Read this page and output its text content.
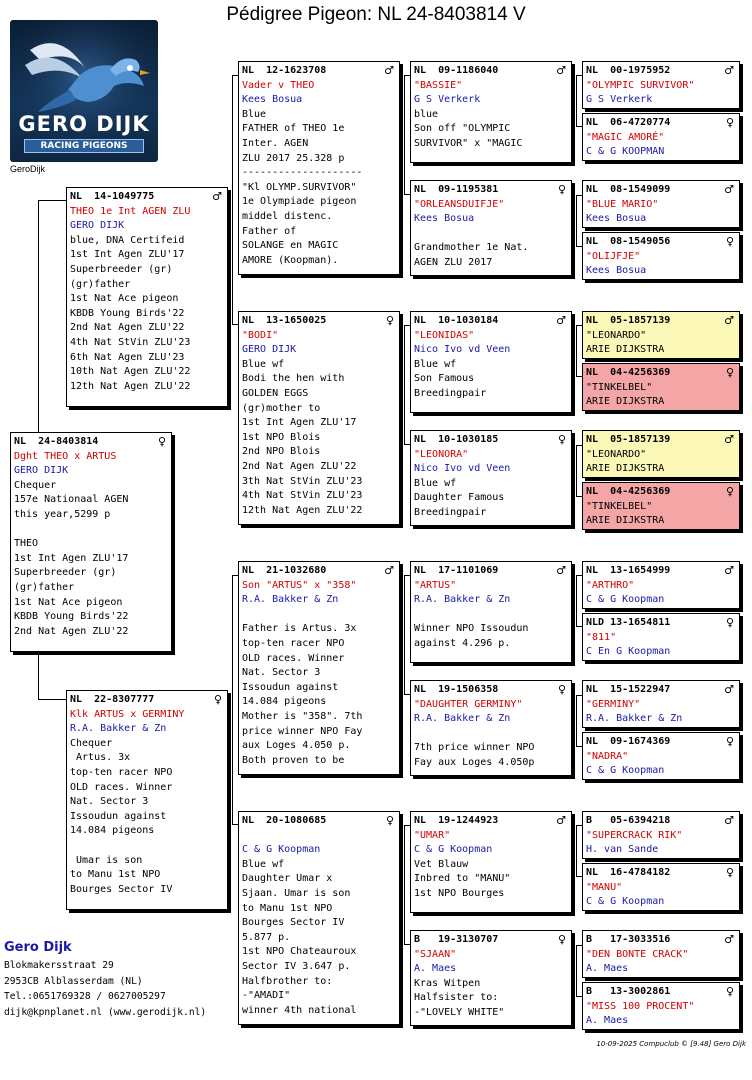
Pédigree Pigeon: NL 24-8403814 V
GERO DIJK
RACING PIGEONS
GeroDijk
NL  24-8403814	♀
Dght THEO x ARTUS
GERO DIJK
Chequer
157e Nationaal AGEN
this year,5299 p
THEO
1st Int Agen ZLU'17
Superbreeder (gr)
(gr)father
1st Nat Ace pigeon
KBDB Young Birds'22
2nd Nat Agen ZLU'22
NL  14-1049775	♂
THEO 1e Int AGEN ZLU
GERO DIJK
blue, DNA Certifeid
1st Int Agen ZLU'17
Superbreeder (gr)
(gr)father
1st Nat Ace pigeon
KBDB Young Birds'22
2nd Nat Agen ZLU'22
4th Nat StVin ZLU'23
6th Nat Agen ZLU'23
10th Nat Agen ZLU'22
12th Nat Agen ZLU'22
NL  22-8307777	♀
Klk ARTUS x GERMINY
R.A. Bakker & Zn
Chequer
Artus. 3x
top-ten racer NPO
OLD races. Winner
Nat. Sector 3
Issoudun against
14.084 pigeons
Umar is son
to Manu 1st NPO
Bourges Sector IV
NL  12-1623708	♂
Vader v THEO
Kees Bosua
Blue
FATHER of THEO 1e
Inter. AGEN
ZLU 2017 25.328 p
--------------------
"Kl OLYMP.SURVIVOR"
1e Olympiade pigeon
middel distenc.
Father of
SOLANGE en MAGIC
AMORE (Koopman).
NL  13-1650025	♀
"BODI"
GERO DIJK
Blue wf
Bodi the hen with
GOLDEN EGGS
(gr)mother to
1st Int Agen ZLU'17
1st NPO Blois
2nd NPO Blois
2nd Nat Agen ZLU'22
3th Nat StVin ZLU'23
4th Nat StVin ZLU'23
12th Nat Agen ZLU'22
NL  21-1032680	♂
Son "ARTUS" x "358"
R.A. Bakker & Zn
Father is Artus. 3x
top-ten racer NPO
OLD races. Winner
Nat. Sector 3
Issoudun against
14.084 pigeons
Mother is "358". 7th
price winner NPO Fay
aux Loges 4.050 p.
Both proven to be
NL  20-1080685	♀
C & G Koopman
Blue wf
Daughter Umar x
Sjaan. Umar is son
to Manu 1st NPO
Bourges Sector IV
5.877 p.
1st NPO Chateauroux
Sector IV 3.647 p.
Halfbrother to:
-"AMADI"
winner 4th national
NL  09-1186040	♂
"BASSIE"
G S Verkerk
blue
Son off "OLYMPIC
SURVIVOR" x "MAGIC
NL  09-1195381	♀
"ORLEANSDUIFJE"
Kees Bosua
Grandmother 1e Nat.
AGEN ZLU 2017
NL  10-1030184	♂
"LEONIDAS"
Nico Ivo vd Veen
Blue wf
Son Famous
Breedingpair
NL  10-1030185	♀
"LEONORA"
Nico Ivo vd Veen
Blue wf
Daughter Famous
Breedingpair
NL  17-1101069	♂
"ARTUS"
R.A. Bakker & Zn
Winner NPO Issoudun
against 4.296 p.
NL  19-1506358	♀
"DAUGHTER GERMINY"
R.A. Bakker & Zn
7th price winner NPO
Fay aux Loges 4.050p
NL  19-1244923	♂
"UMAR"
C & G Koopman
Vet Blauw
Inbred to "MANU"
1st NPO Bourges
B   19-3130707	♀
"SJAAN"
A. Maes
Kras Witpen
Halfsister to:
-"LOVELY WHITE"
NL  00-1975952	♂
"OLYMPIC SURVIVOR"
G S Verkerk
NL  06-4720774	♀
"MAGIC AMORÉ"
C & G KOOPMAN
NL  08-1549099	♂
"BLUE MARIO"
Kees Bosua
NL  08-1549056	♀
"OLIJFJE"
Kees Bosua
NL  05-1857139	♂
"LEONARDO"
ARIE DIJKSTRA
NL  04-4256369	♀
"TINKELBEL"
ARIE DIJKSTRA
NL  05-1857139	♂
"LEONARDO"
ARIE DIJKSTRA
NL  04-4256369	♀
"TINKELBEL"
ARIE DIJKSTRA
NL  13-1654999	♂
"ARTHRO"
C & G Koopman
NLD 13-1654811	♀
"811"
C En G Koopman
NL  15-1522947	♂
"GERMINY"
R.A. Bakker & Zn
NL  09-1674369	♀
"NADRA"
C & G Koopman
B   05-6394218	♂
"SUPERCRACK RIK"
H. van Sande
NL  16-4784182	♀
"MANU"
C & G Koopman
B   17-3033516	♂
"DEN BONTE CRACK"
A. Maes
B   13-3002861	♀
"MISS 100 PROCENT"
A. Maes
Gero Dijk
Blokmakersstraat 29
2953CB Alblasserdam (NL)
Tel.:0651769328 / 0627005297
dijk@kpnplanet.nl (www.gerodijk.nl)
10-09-2025 Compuclub © [9.48] Gero Dijk
